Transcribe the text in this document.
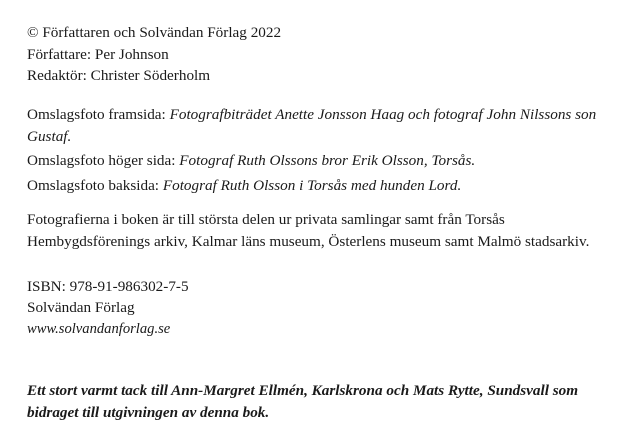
© Författaren och Solvändan Förlag 2022
Författare: Per Johnson
Redaktör: Christer Söderholm
Omslagsfoto framsida: Fotografbiträdet Anette Jonsson Haag och fotograf John Nilssons son Gustaf.
Omslagsfoto höger sida: Fotograf Ruth Olssons bror Erik Olsson, Torsås.
Omslagsfoto baksida: Fotograf Ruth Olsson i Torsås med hunden Lord.
Fotografierna i boken är till största delen ur privata samlingar samt från Torsås Hembygdsförenings arkiv, Kalmar läns museum, Österlens museum samt Malmö stadsarkiv.
ISBN: 978-91-986302-7-5
Solvändan Förlag
www.solvandanforlag.se
Ett stort varmt tack till Ann-Margret Ellmén, Karlskrona och Mats Rytte, Sundsvall som bidraget till utgivningen av denna bok.
